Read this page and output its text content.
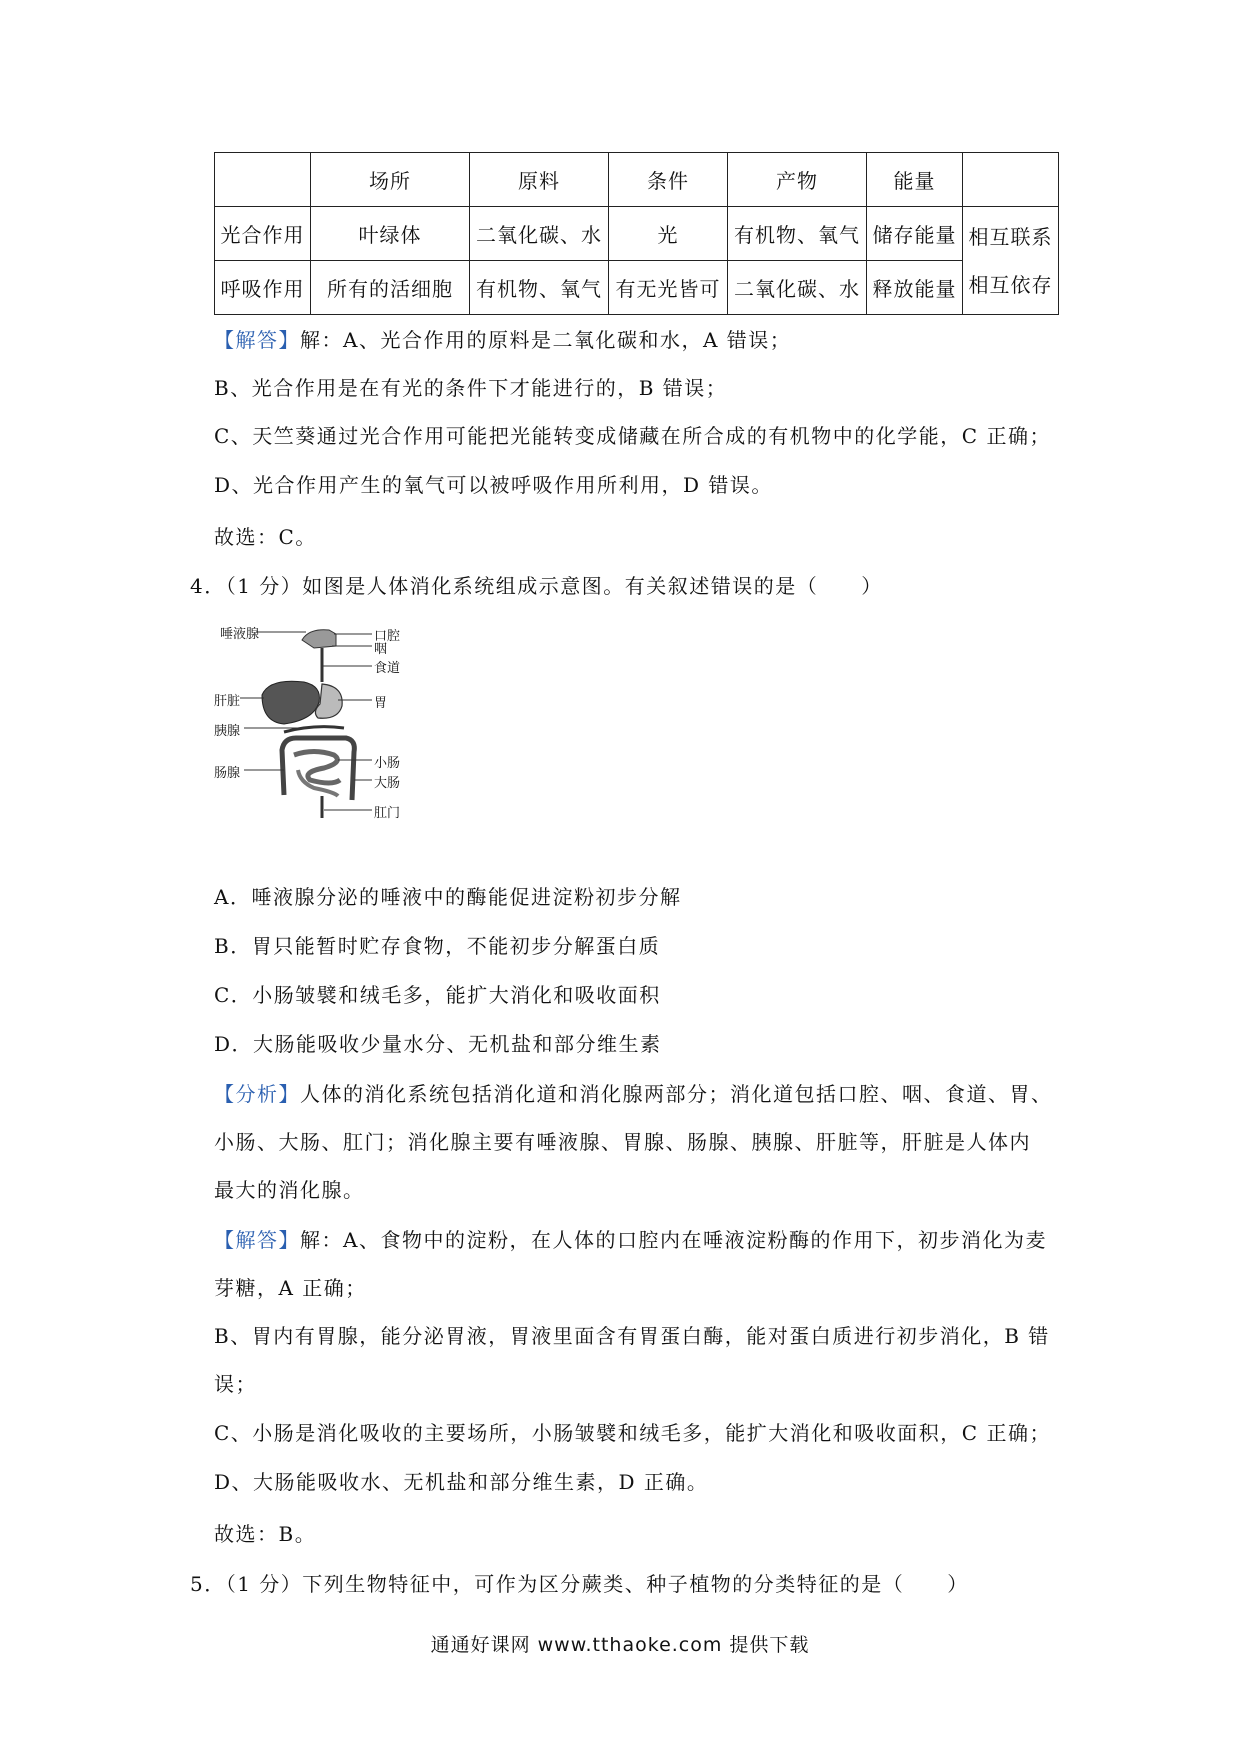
	场所	原料	条件	产物	能量	
光合作用	叶绿体	二氧化碳、水	光	有机物、氧气	储存能量	相互联系
相互依存

呼吸作用	所有的活细胞	有机物、氧气	有无光皆可	二氧化碳、水	释放能量	
【解答】解：A、光合作用的原料是二氧化碳和水，A 错误；
B、光合作用是在有光的条件下才能进行的，B 错误；
C、天竺葵通过光合作用可能把光能转变成储藏在所合成的有机物中的化学能，C 正确；
D、光合作用产生的氧气可以被呼吸作用所利用，D 错误。
故选：C。
4．（1 分）如图是人体消化系统组成示意图。有关叙述错误的是（　　）
唾液腺	口腔
咽
食道
肝脏	胃
胰腺
肠腺
小肠
大肠
肛门
A．唾液腺分泌的唾液中的酶能促进淀粉初步分解
B．胃只能暂时贮存食物，不能初步分解蛋白质
C．小肠皱襞和绒毛多，能扩大消化和吸收面积
D．大肠能吸收少量水分、无机盐和部分维生素
【分析】人体的消化系统包括消化道和消化腺两部分；消化道包括口腔、咽、食道、胃、
小肠、大肠、肛门；消化腺主要有唾液腺、胃腺、肠腺、胰腺、肝脏等，肝脏是人体内
最大的消化腺。
【解答】解：A、食物中的淀粉，在人体的口腔内在唾液淀粉酶的作用下，初步消化为麦
芽糖，A 正确；
B、胃内有胃腺，能分泌胃液，胃液里面含有胃蛋白酶，能对蛋白质进行初步消化，B 错
误；
C、小肠是消化吸收的主要场所，小肠皱襞和绒毛多，能扩大消化和吸收面积，C 正确；
D、大肠能吸收水、无机盐和部分维生素，D 正确。
故选：B。
5．（1 分）下列生物特征中，可作为区分蕨类、种子植物的分类特征的是（　　）
通通好课网 www.tthaoke.com 提供下载
